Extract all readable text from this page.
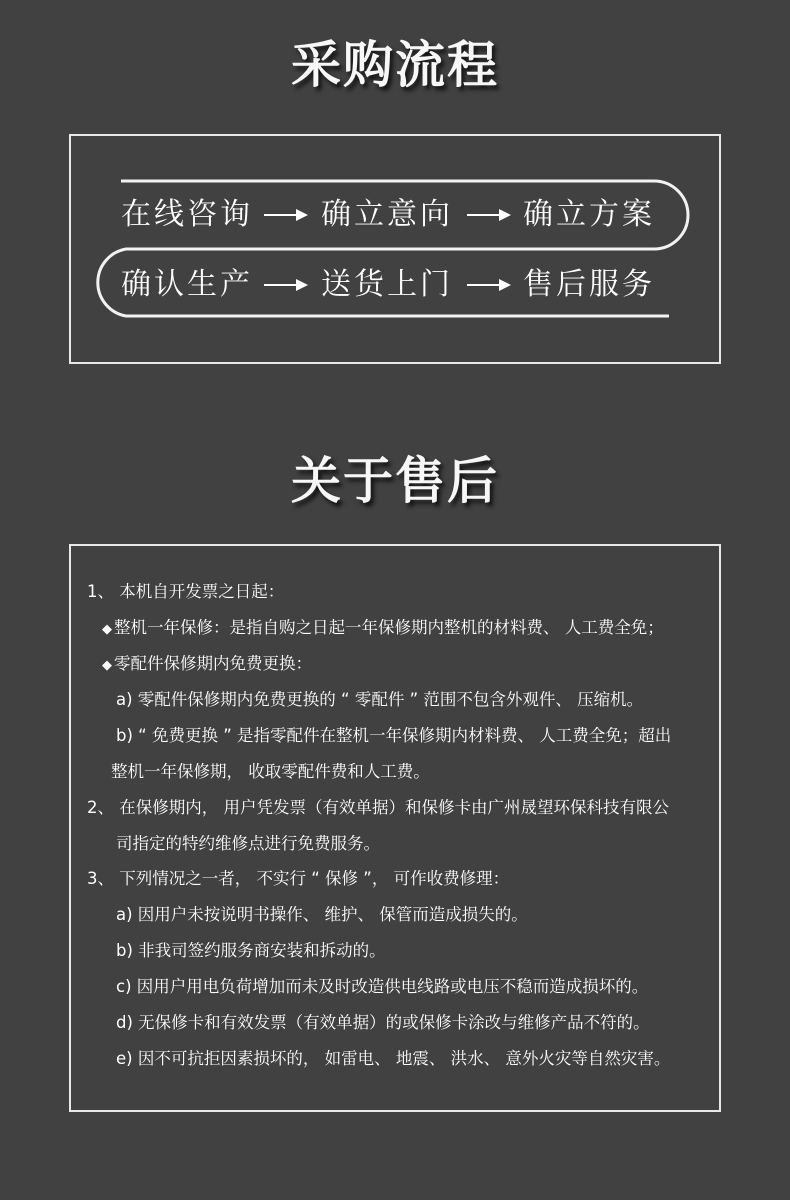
采购流程
在线咨询 确立意向 确立方案
确认生产 送货上门 售后服务
关于售后
1、 本机自开发票之日起：
◆ 整机一年保修：是指自购之日起一年保修期内整机的材料费、 人工费全免；
◆ 零配件保修期内免费更换：
a) 零配件保修期内免费更换的 “ 零配件 ” 范围不包含外观件、 压缩机。
b) “ 免费更换 ” 是指零配件在整机一年保修期内材料费、 人工费全免；超出
整机一年保修期， 收取零配件费和人工费。
2、 在保修期内， 用户凭发票（有效单据）和保修卡由广州晟望环保科技有限公
司指定的特约维修点进行免费服务。
3、 下列情况之一者， 不实行 “ 保修 ”， 可作收费修理：
a) 因用户未按说明书操作、 维护、 保管而造成损失的。
b) 非我司签约服务商安装和拆动的。
c) 因用户用电负荷增加而未及时改造供电线路或电压不稳而造成损坏的。
d) 无保修卡和有效发票（有效单据）的或保修卡涂改与维修产品不符的。
e) 因不可抗拒因素损坏的， 如雷电、 地震、 洪水、 意外火灾等自然灾害。
